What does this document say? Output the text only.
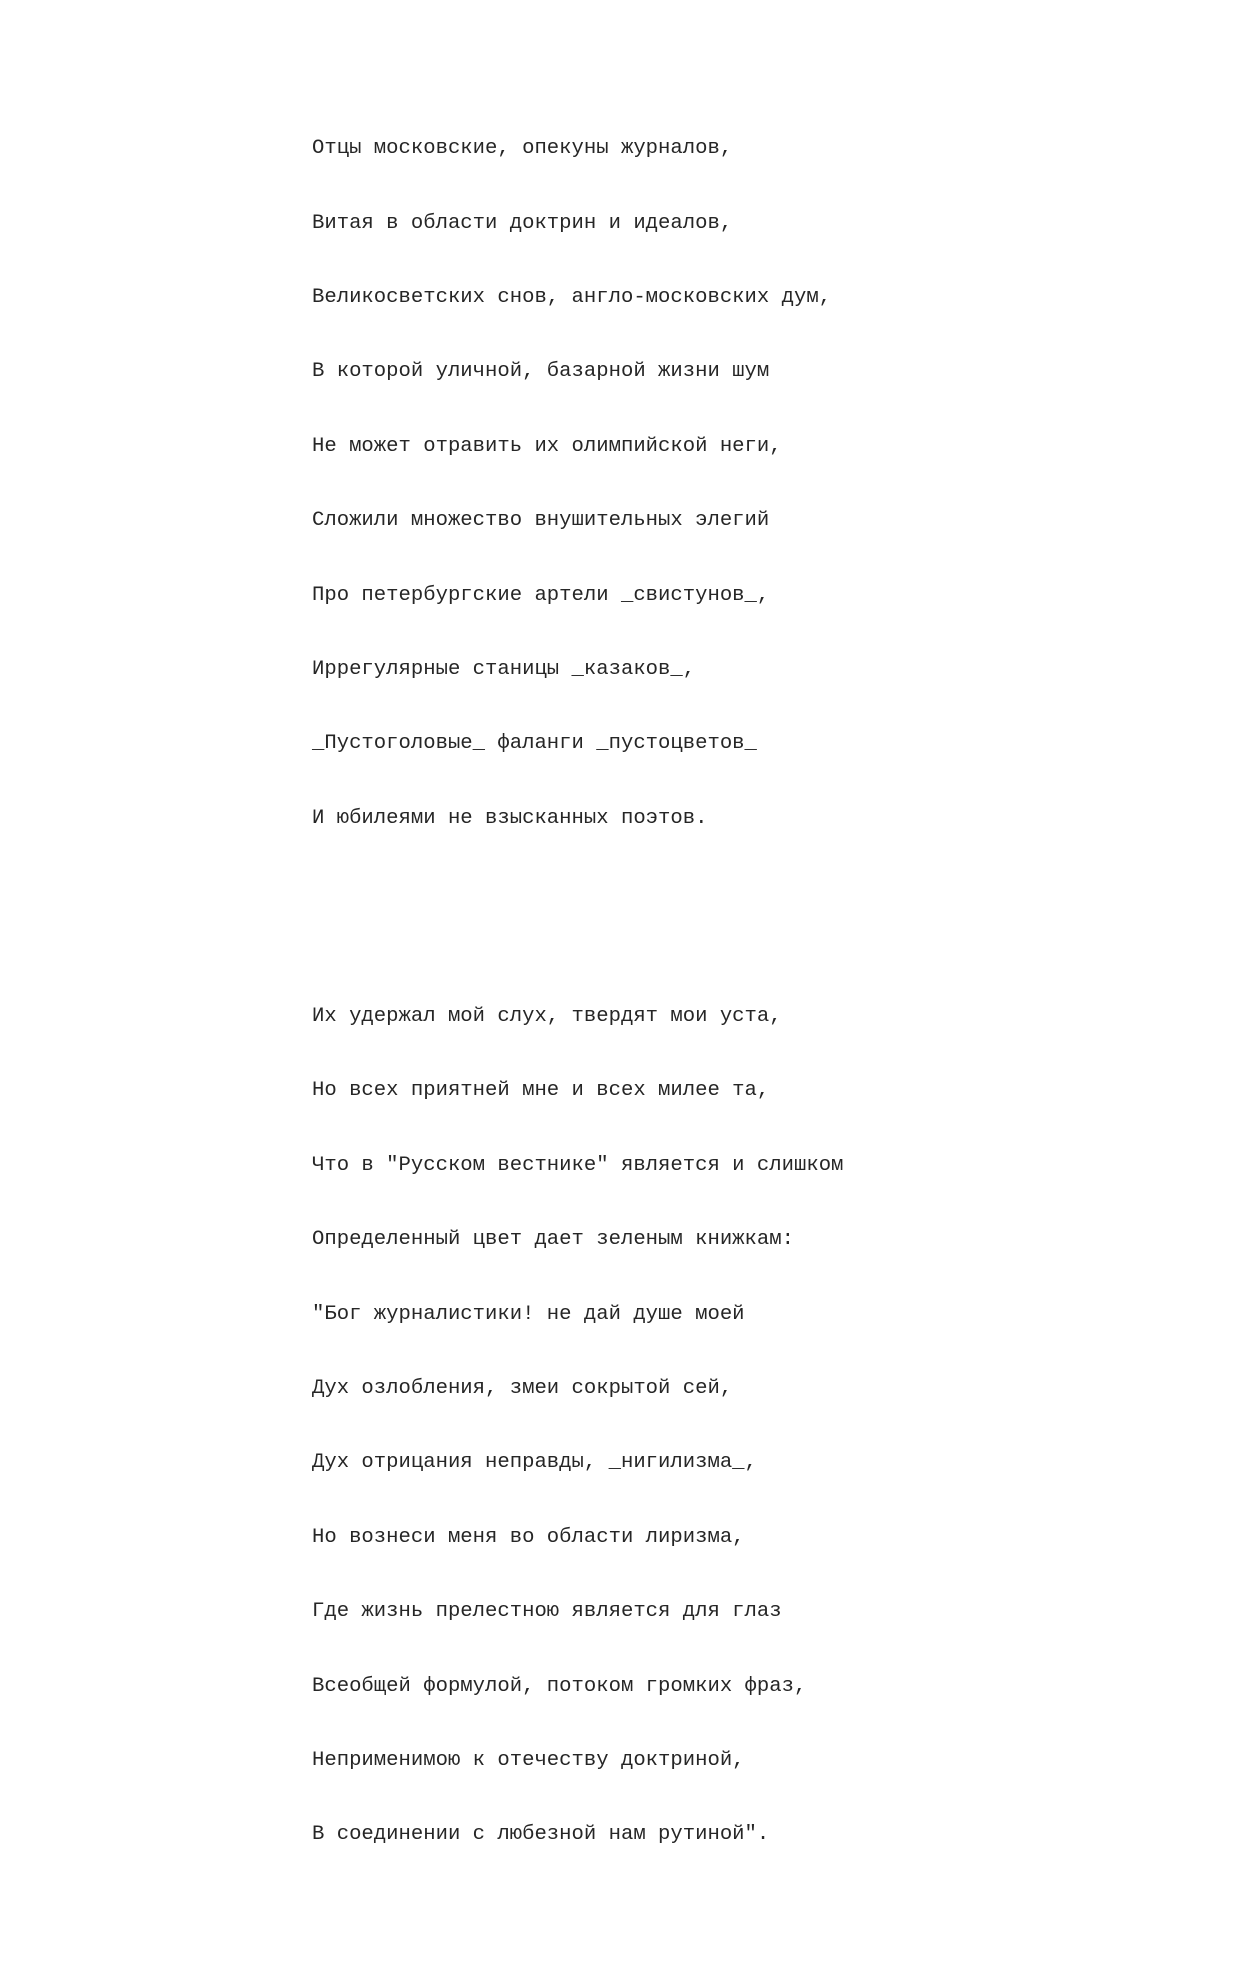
Отцы московские, опекуны журналов,

Витая в области доктрин и идеалов,

Великосветских снов, англо-московских дум,

В которой уличной, базарной жизни шум

Не может отравить их олимпийской неги,

Сложили множество внушительных элегий

Про петербургские артели _свистунов_,

Иррегулярные станицы _казаков_,

_Пустоголовые_ фаланги _пустоцветов_

И юбилеями не взысканных поэтов.

Их удержал мой слух, твердят мои уста,

Но всех приятней мне и всех милее та,

Что в "Русском вестнике" является и слишком

Определенный цвет дает зеленым книжкам:

"Бог журналистики! не дай душе моей

Дух озлобления, змеи сокрытой сей,

Дух отрицания неправды, _нигилизма_,

Но вознеси меня во области лиризма,

Где жизнь прелестною является для глаз

Всеобщей формулой, потоком громких фраз,

Неприменимою к отечеству доктриной,

В соединении с любезной нам рутиной".
